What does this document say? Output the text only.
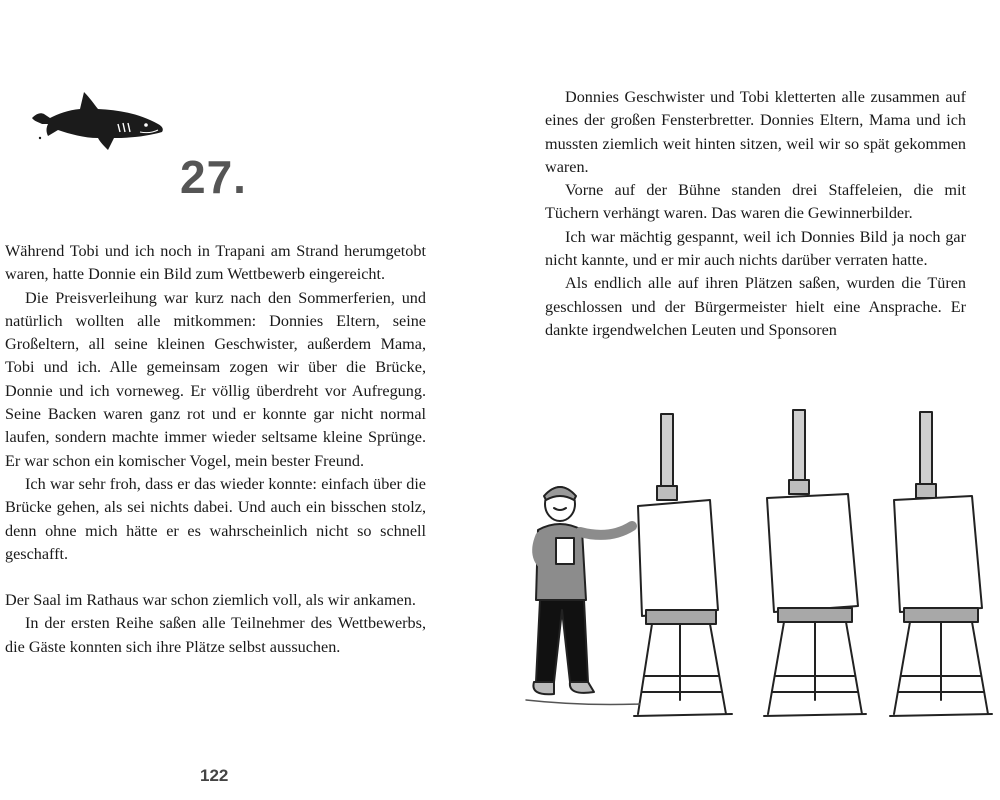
27.

Während Tobi und ich noch in Trapani am Strand herumgetobt waren, hatte Donnie ein Bild zum Wettbewerb eingereicht.

Die Preisverleihung war kurz nach den Sommerferien, und natürlich wollten alle mitkommen: Donnies Eltern, seine Großeltern, all seine kleinen Geschwister, außerdem Mama, Tobi und ich. Alle gemeinsam zogen wir über die Brücke, Donnie und ich vorneweg. Er völlig überdreht vor Aufregung. Seine Backen waren ganz rot und er konnte gar nicht normal laufen, sondern machte immer wieder seltsame kleine Sprünge. Er war schon ein komischer Vogel, mein bester Freund.

Ich war sehr froh, dass er das wieder konnte: einfach über die Brücke gehen, als sei nichts dabei. Und auch ein bisschen stolz, denn ohne mich hätte er es wahrscheinlich nicht so schnell geschafft.

Der Saal im Rathaus war schon ziemlich voll, als wir ankamen.

In der ersten Reihe saßen alle Teilnehmer des Wettbewerbs, die Gäste konnten sich ihre Plätze selbst aussuchen.

122

Donnies Geschwister und Tobi kletterten alle zusammen auf eines der großen Fensterbretter. Donnies Eltern, Mama und ich mussten ziemlich weit hinten sitzen, weil wir so spät gekommen waren.

Vorne auf der Bühne standen drei Staffeleien, die mit Tüchern verhängt waren. Das waren die Gewinnerbilder.

Ich war mächtig gespannt, weil ich Donnies Bild ja noch gar nicht kannte, und er mir auch nichts darüber verraten hatte.

Als endlich alle auf ihren Plätzen saßen, wurden die Türen geschlossen und der Bürgermeister hielt eine Ansprache. Er dankte irgendwelchen Leuten und Sponsoren
